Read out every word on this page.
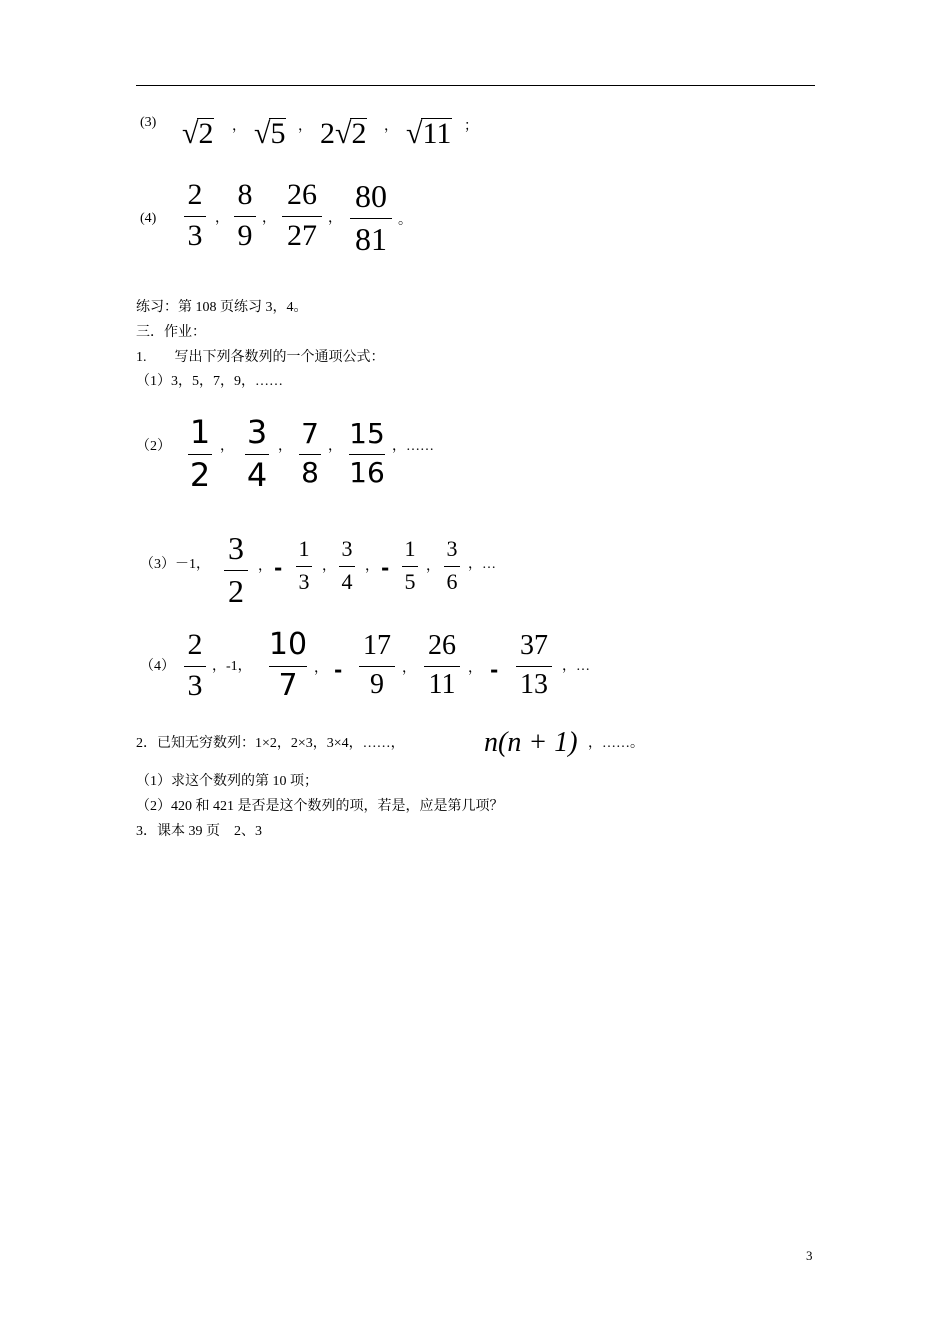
(3) √2 ， √5 ， 2√2 ， √11 ；
(4)
2
3
，
8
9
，
26
27
，
80
81
。
练习：第 108 页练习 3，4。
三．作业：
1.　　写出下列各数列的一个通项公式：
（1）3，5，7，9，……
（2） 1
2
， 3
4
， 7
8
， 15
16
，……
（3）－1， 3
2
， -
1
3
，
3
4
， -
1
5
，
3
6
，…
（4）
2
3
，-1，
10
7	， -
17
9
，
26
11
， -
37
13
，…
2．已知无穷数列：1×2，2×3，3×4，……，	n(n + 1) ，……。
（1）求这个数列的第 10 项；
（2）420 和 421 是否是这个数列的项，若是，应是第几项？
3．课本 39 页　2、3
3
